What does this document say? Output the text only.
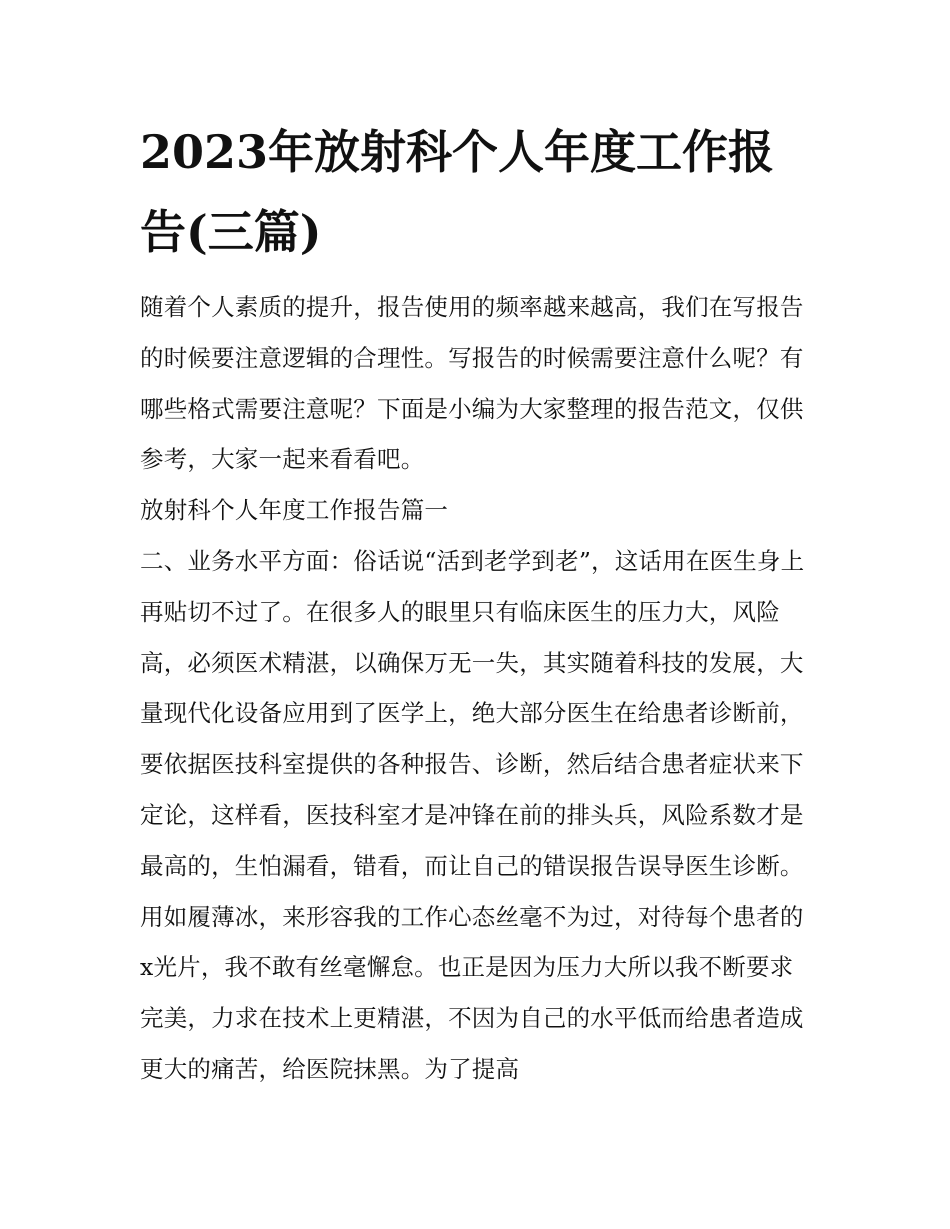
2023年放射科个人年度工作报告(三篇)

随着个人素质的提升，报告使用的频率越来越高，我们在写报告的时候要注意逻辑的合理性。写报告的时候需要注意什么呢？有哪些格式需要注意呢？下面是小编为大家整理的报告范文，仅供参考，大家一起来看看吧。

放射科个人年度工作报告篇一

二、业务水平方面：俗话说“活到老学到老”，这话用在医生身上再贴切不过了。在很多人的眼里只有临床医生的压力大，风险高，必须医术精湛，以确保万无一失，其实随着科技的发展，大量现代化设备应用到了医学上，绝大部分医生在给患者诊断前，要依据医技科室提供的各种报告、诊断，然后结合患者症状来下定论，这样看，医技科室才是冲锋在前的排头兵，风险系数才是最高的，生怕漏看，错看，而让自己的错误报告误导医生诊断。用如履薄冰，来形容我的工作心态丝毫不为过，对待每个患者的x光片，我不敢有丝毫懈怠。也正是因为压力大所以我不断要求完美，力求在技术上更精湛，不因为自己的水平低而给患者造成更大的痛苦，给医院抹黑。为了提高
